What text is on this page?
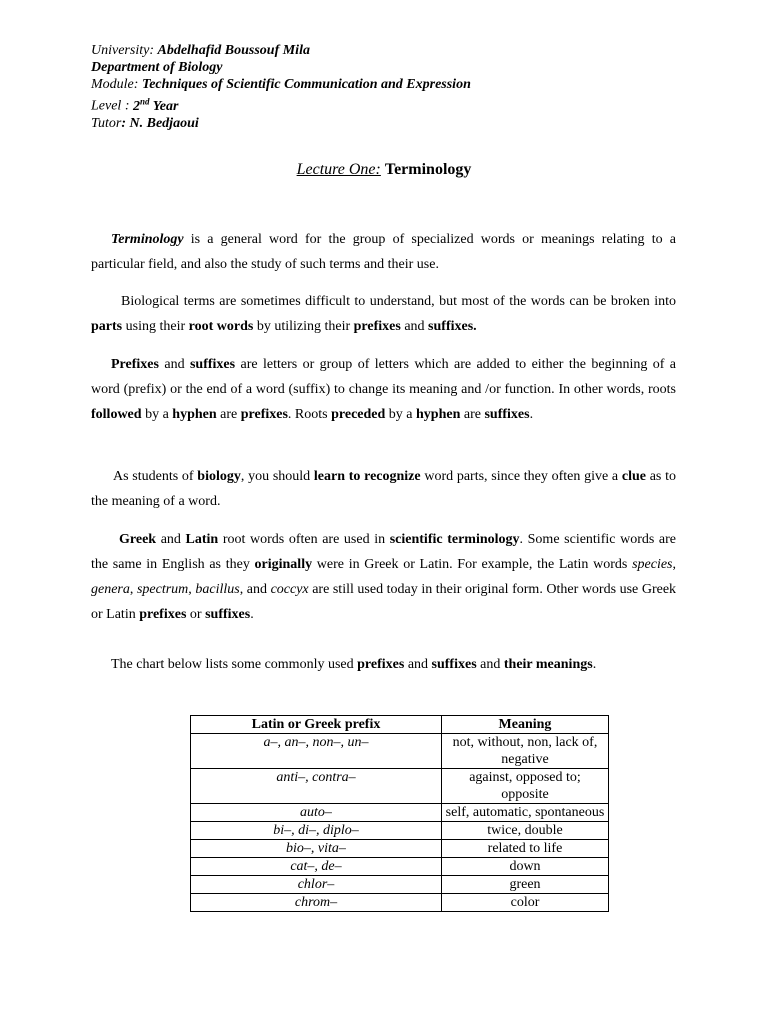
University: Abdelhafid Boussouf Mila
Department of Biology
Module: Techniques of Scientific Communication and Expression
Level : 2nd Year
Tutor: N. Bedjaoui
Lecture One: Terminology

Terminology is a general word for the group of specialized words or meanings relating to a particular field, and also the study of such terms and their use.

Biological terms are sometimes difficult to understand, but most of the words can be broken into parts using their root words by utilizing their prefixes and suffixes.

Prefixes and suffixes are letters or group of letters which are added to either the beginning of a word (prefix) or the end of a word (suffix) to change its meaning and /or function. In other words, roots followed by a hyphen are prefixes. Roots preceded by a hyphen are suffixes.

As students of biology, you should learn to recognize word parts, since they often give a clue as to the meaning of a word.

Greek and Latin root words often are used in scientific terminology. Some scientific words are the same in English as they originally were in Greek or Latin. For example, the Latin words species, genera, spectrum, bacillus, and coccyx are still used today in their original form. Other words use Greek or Latin prefixes or suffixes.

The chart below lists some commonly used prefixes and suffixes and their meanings.

Latin or Greek prefix	Meaning
a–, an–, non–, un–	not, without, non, lack of, negative
anti–, contra–	against, opposed to; opposite
auto–	self, automatic, spontaneous
bi–, di–, diplo–	twice, double
bio–, vita–	related to life
cat–, de–	down
chlor–	green
chrom–	color
